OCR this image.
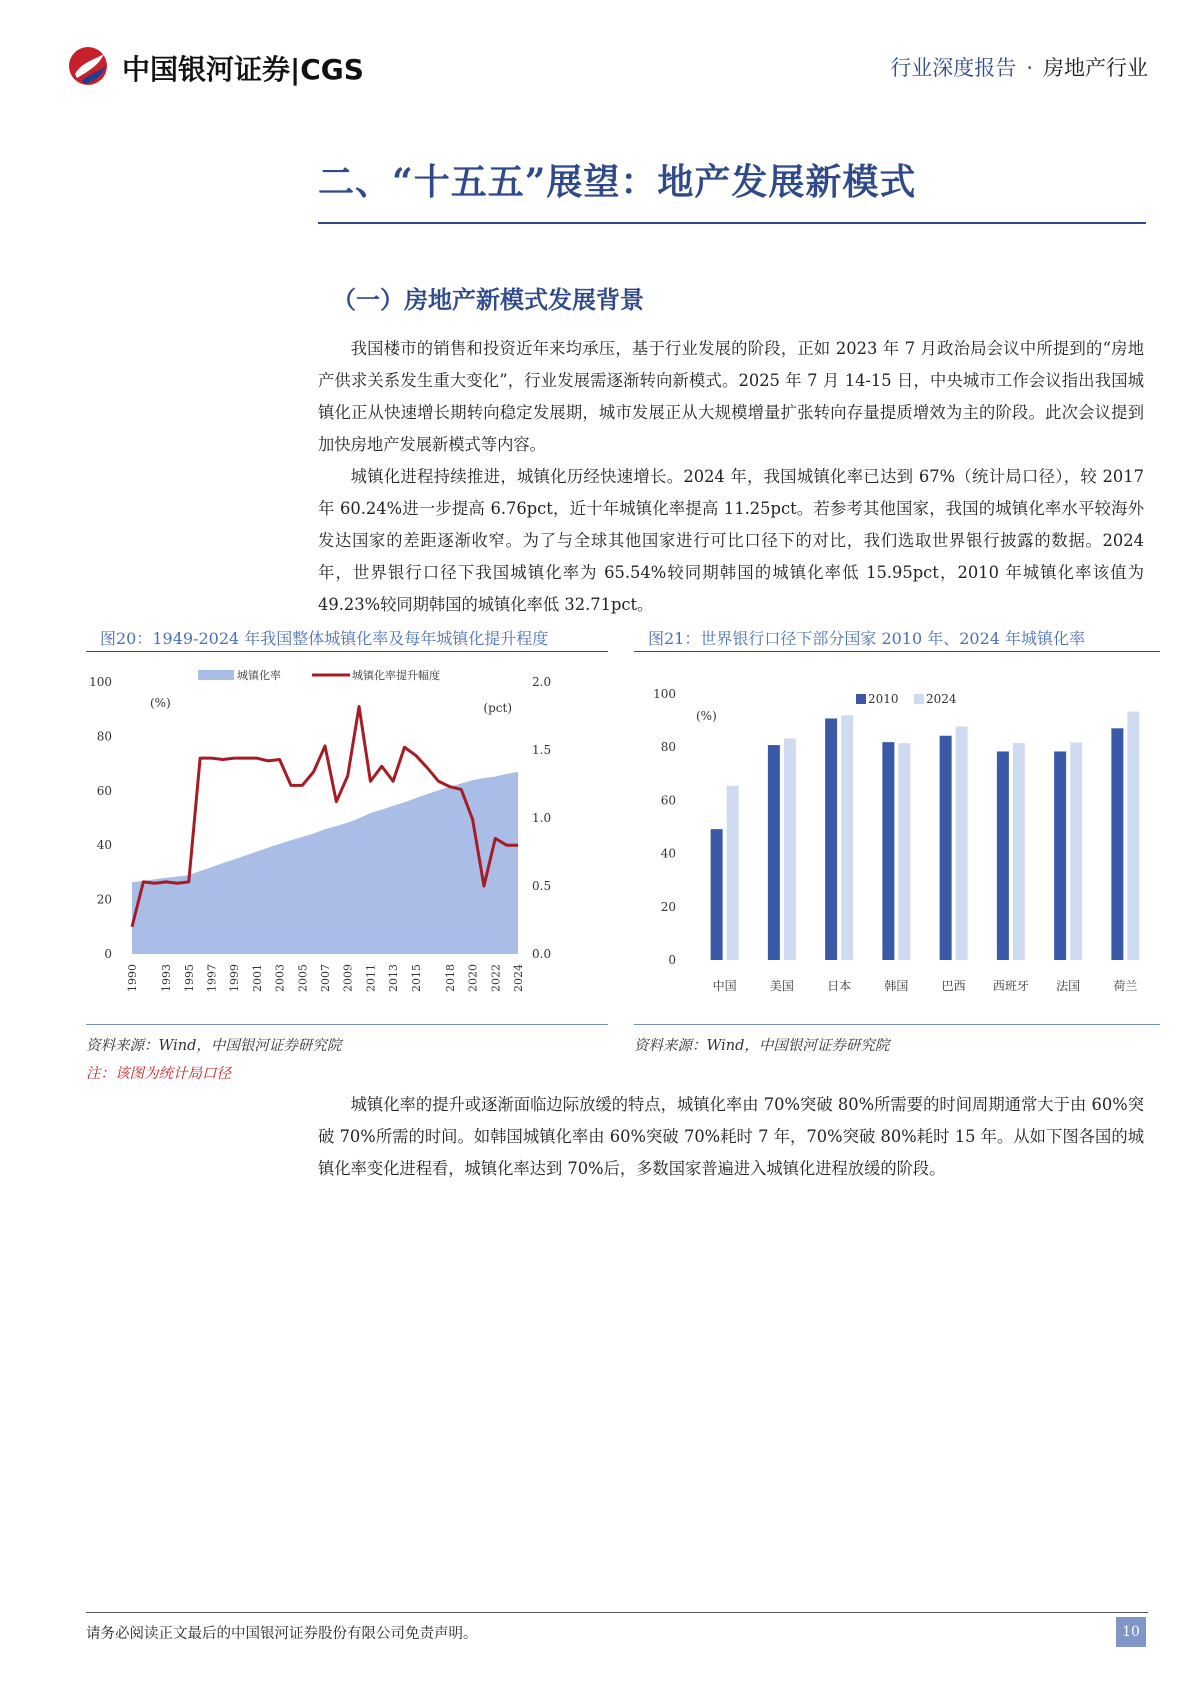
中国银河证券|CGS	行业深度报告 · 房地产行业
二、“十五五”展望：地产发展新模式
（一）房地产新模式发展背景

我国楼市的销售和投资近年来均承压，基于行业发展的阶段，正如 2023 年 7 月政治局会议中所提到的“房地产供求关系发生重大变化”，行业发展需逐渐转向新模式。2025 年 7 月 14-15 日，中央城市工作会议指出我国城镇化正从快速增长期转向稳定发展期，城市发展正从大规模增量扩张转向存量提质增效为主的阶段。此次会议提到加快房地产发展新模式等内容。

城镇化进程持续推进，城镇化历经快速增长。2024 年，我国城镇化率已达到 67%（统计局口径），较 2017 年 60.24%进一步提高 6.76pct，近十年城镇化率提高 11.25pct。若参考其他国家，我国的城镇化率水平较海外发达国家的差距逐渐收窄。为了与全球其他国家进行可比口径下的对比，我们选取世界银行披露的数据。2024 年，世界银行口径下我国城镇化率为 65.54%较同期韩国的城镇化率低 15.95pct，2010 年城镇化率该值为 49.23%较同期韩国的城镇化率低 32.71pct。

图20：1949-2024 年我国整体城镇化率及每年城镇化提升程度
0
20
40
60
80
100
0.0
0.5
1.0
1.5
2.0
(%)	(pct)
1990 1993 1995 1997 1999 2001 2003 2005 2007 2009 2011 2013 2015 2018 2020 2022 2024
城镇化率	城镇化率提升幅度
资料来源：Wind，中国银河证券研究院
注：该图为统计局口径
图21：世界银行口径下部分国家 2010 年、2024 年城镇化率
0
20
40
60
80
100
(%)
中国	美国	日本	韩国	巴西 西班牙 法国	荷兰
2010 2024
资料来源：Wind，中国银河证券研究院

城镇化率的提升或逐渐面临边际放缓的特点，城镇化率由 70%突破 80%所需要的时间周期通常大于由 60%突破 70%所需的时间。如韩国城镇化率由 60%突破 70%耗时 7 年，70%突破 80%耗时 15 年。从如下图各国的城镇化率变化进程看，城镇化率达到 70%后，多数国家普遍进入城镇化进程放缓的阶段。

请务必阅读正文最后的中国银河证券股份有限公司免责声明。	10
